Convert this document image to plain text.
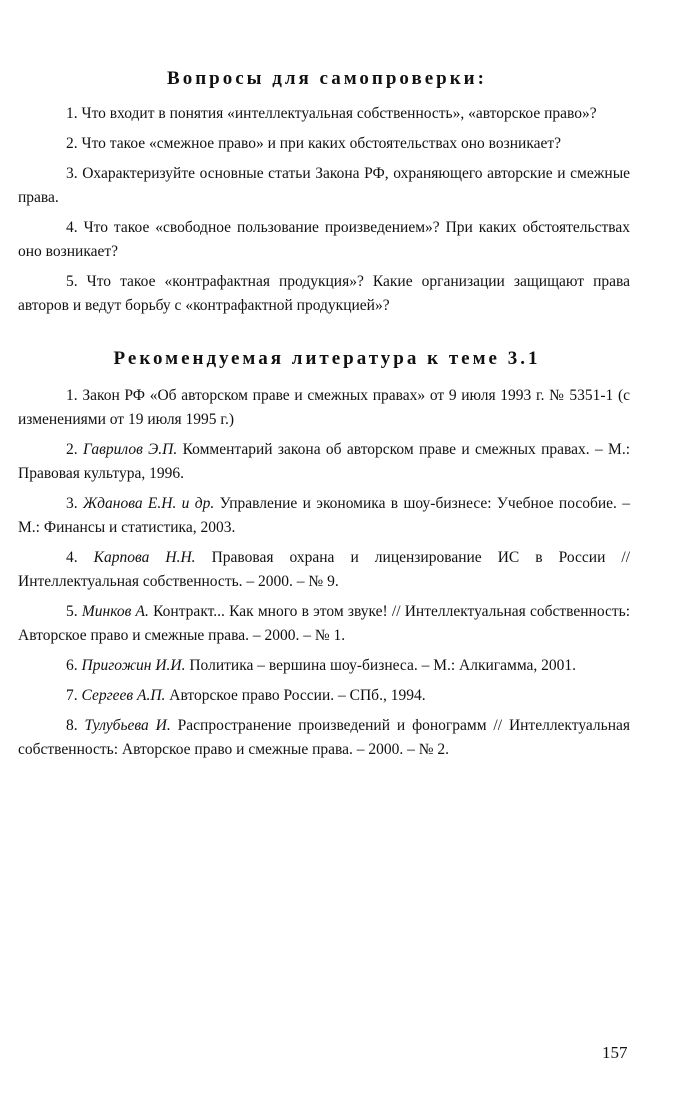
Вопросы для самопроверки:

1. Что входит в понятия «интеллектуальная собственность», «авторское право»?

2. Что такое «смежное право» и при каких обстоятельствах оно возникает?

3. Охарактеризуйте основные статьи Закона РФ, охраняющего авторские и смежные права.

4. Что такое «свободное пользование произведением»? При каких обстоятельствах оно возникает?

5. Что такое «контрафактная продукция»? Какие организации защищают права авторов и ведут борьбу с «контрафактной продукцией»?

Рекомендуемая литература к теме 3.1

1. Закон РФ «Об авторском праве и смежных правах» от 9 июля 1993 г. № 5351-1 (с изменениями от 19 июля 1995 г.)

2. Гаврилов Э.П. Комментарий закона об авторском праве и смежных правах. – М.: Правовая культура, 1996.

3. Жданова Е.Н. и др. Управление и экономика в шоу-бизнесе: Учебное пособие. – М.: Финансы и статистика, 2003.

4. Карпова Н.Н. Правовая охрана и лицензирование ИС в России // Интеллектуальная собственность. – 2000. – № 9.

5. Минков А. Контракт... Как много в этом звуке! // Интеллектуальная собственность: Авторское право и смежные права. – 2000. – № 1.

6. Пригожин И.И. Политика – вершина шоу-бизнеса. – М.: Алкигамма, 2001.

7. Сергеев А.П. Авторское право России. – СПб., 1994.

8. Тулубьева И. Распространение произведений и фонограмм // Интеллектуальная собственность: Авторское право и смежные права. – 2000. – № 2.

157
